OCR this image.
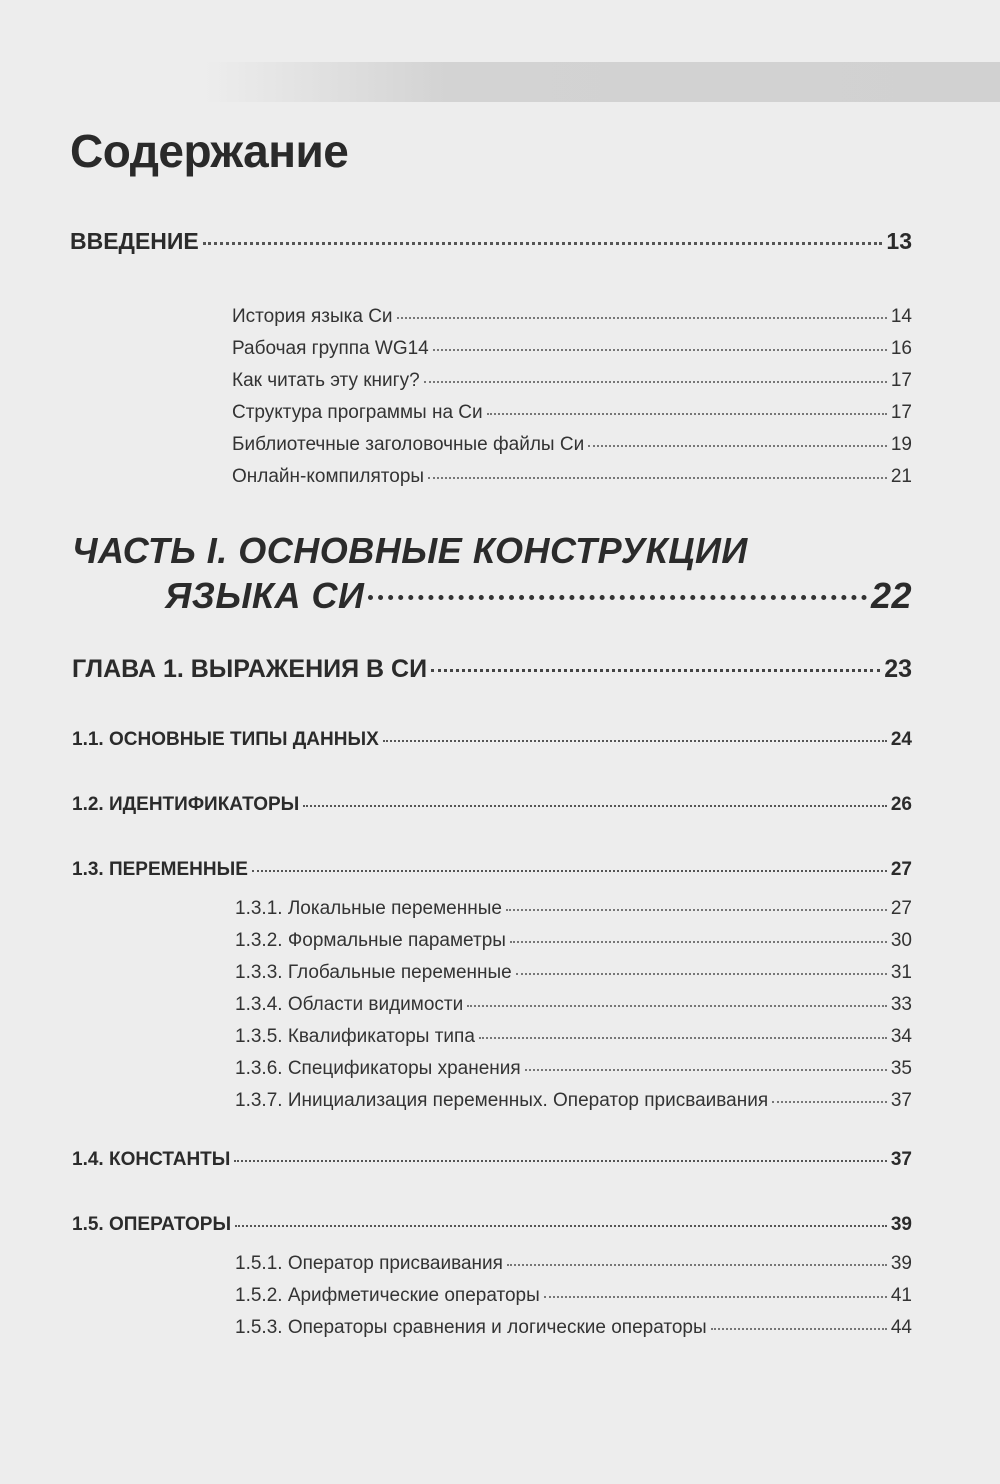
Содержание
ВВЕДЕНИЕ	13
История языка Си	14
Рабочая группа WG14	16
Как читать эту книгу?	17
Структура программы на Си	17
Библиотечные заголовочные файлы Си	19
Онлайн-компиляторы	21
ЧАСТЬ I. ОСНОВНЫЕ КОНСТРУКЦИИ
ЯЗЫКА СИ	22
ГЛАВА 1. ВЫРАЖЕНИЯ В СИ	23
1.1. ОСНОВНЫЕ ТИПЫ ДАННЫХ	24
1.2. ИДЕНТИФИКАТОРЫ	26
1.3. ПЕРЕМЕННЫЕ	27
1.3.1. Локальные переменные	27
1.3.2. Формальные параметры	30
1.3.3. Глобальные переменные	31
1.3.4. Области видимости	33
1.3.5. Квалификаторы типа	34
1.3.6. Спецификаторы хранения	35
1.3.7. Инициализация переменных. Оператор присваивания	37
1.4. КОНСТАНТЫ	37
1.5. ОПЕРАТОРЫ	39
1.5.1. Оператор присваивания	39
1.5.2. Арифметические операторы	41
1.5.3. Операторы сравнения и логические операторы	44
